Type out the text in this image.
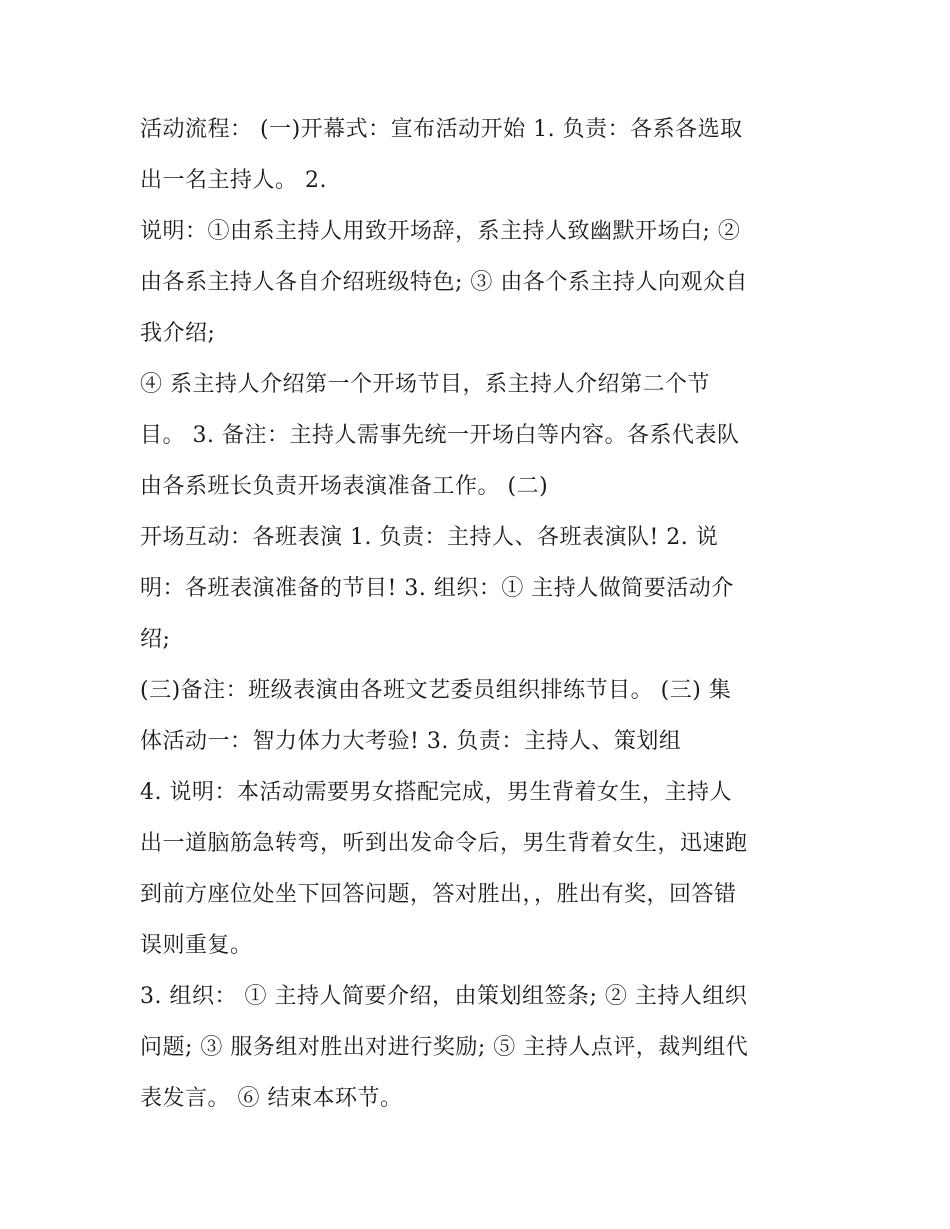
活动流程： (一)开幕式：宣布活动开始 1. 负责：各系各选取
出一名主持人。 2.
说明：①由系主持人用致开场辞，系主持人致幽默开场白; ②
由各系主持人各自介绍班级特色; ③ 由各个系主持人向观众自
我介绍;
④ 系主持人介绍第一个开场节目，系主持人介绍第二个节
目。 3. 备注：主持人需事先统一开场白等内容。各系代表队
由各系班长负责开场表演准备工作。 (二)
开场互动：各班表演 1. 负责：主持人、各班表演队! 2. 说
明：各班表演准备的节目! 3. 组织：① 主持人做简要活动介
绍;
(三)备注：班级表演由各班文艺委员组织排练节目。 (三) 集
体活动一：智力体力大考验! 3. 负责：主持人、策划组
4. 说明：本活动需要男女搭配完成，男生背着女生，主持人
出一道脑筋急转弯，听到出发命令后，男生背着女生，迅速跑
到前方座位处坐下回答问题，答对胜出，，胜出有奖，回答错
误则重复。
3. 组织： ① 主持人简要介绍，由策划组签条; ② 主持人组织
问题; ③ 服务组对胜出对进行奖励; ⑤ 主持人点评，裁判组代
表发言。 ⑥ 结束本环节。
